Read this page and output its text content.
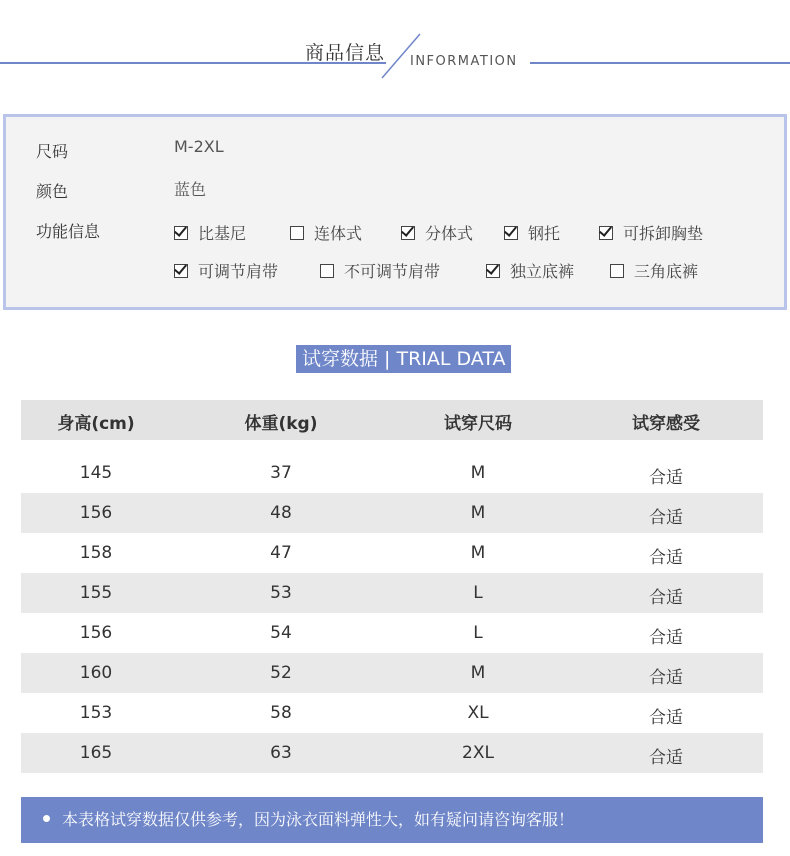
商品信息 INFORMATION
尺码	M-2XL
颜色	蓝色
功能信息	比基尼	连体式	分体式	钢托	可拆卸胸垫
可调节肩带	不可调节肩带	独立底裤	三角底裤
试穿数据 | TRIAL DATA
身高(cm)	体重(kg)	试穿尺码	试穿感受
145	37	M	合适
156	48	M	合适
158	47	M	合适
155	53	L	合适
156	54	L	合适
160	52	M	合适
153	58	XL	合适
165	63	2XL	合适
本表格试穿数据仅供参考，因为泳衣面料弹性大，如有疑问请咨询客服！
